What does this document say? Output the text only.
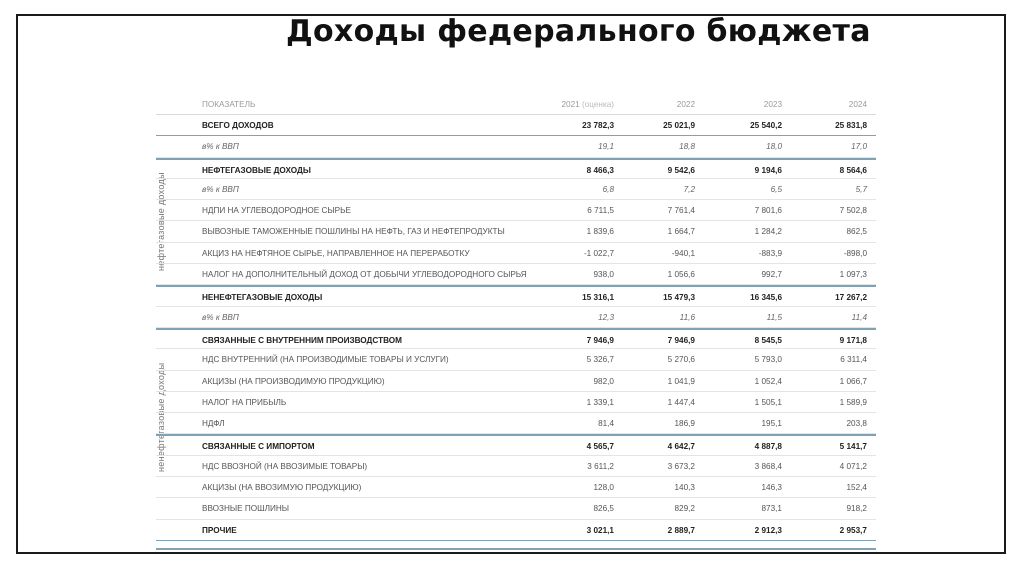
Доходы федерального бюджета
нефтегазовые доходы
ненефтегазовые доходы
ПОКАЗАТЕЛЬ	2021 (оценка)	2022	2023	2024
ВСЕГО ДОХОДОВ	23 782,3	25 021,9	25 540,2	25 831,8
в% к ВВП	19,1	18,8	18,0	17,0
НЕФТЕГАЗОВЫЕ ДОХОДЫ	8 466,3	9 542,6	9 194,6	8 564,6
в% к ВВП	6,8	7,2	6,5	5,7
НДПИ НА УГЛЕВОДОРОДНОЕ СЫРЬЕ	6 711,5	7 761,4	7 801,6	7 502,8
ВЫВОЗНЫЕ ТАМОЖЕННЫЕ ПОШЛИНЫ НА НЕФТЬ, ГАЗ И НЕФТЕПРОДУКТЫ	1 839,6	1 664,7	1 284,2	862,5
АКЦИЗ НА НЕФТЯНОЕ СЫРЬЕ, НАПРАВЛЕННОЕ НА ПЕРЕРАБОТКУ	-1 022,7	-940,1	-883,9	-898,0
НАЛОГ НА ДОПОЛНИТЕЛЬНЫЙ ДОХОД ОТ ДОБЫЧИ УГЛЕВОДОРОДНОГО СЫРЬЯ	938,0	1 056,6	992,7	1 097,3
НЕНЕФТЕГАЗОВЫЕ ДОХОДЫ	15 316,1	15 479,3	16 345,6	17 267,2
в% к ВВП	12,3	11,6	11,5	11,4
СВЯЗАННЫЕ С ВНУТРЕННИМ ПРОИЗВОДСТВОМ	7 946,9	7 946,9	8 545,5	9 171,8
НДС ВНУТРЕННИЙ (НА ПРОИЗВОДИМЫЕ ТОВАРЫ И УСЛУГИ)	5 326,7	5 270,6	5 793,0	6 311,4
АКЦИЗЫ (НА ПРОИЗВОДИМУЮ ПРОДУКЦИЮ)	982,0	1 041,9	1 052,4	1 066,7
НАЛОГ НА ПРИБЫЛЬ	1 339,1	1 447,4	1 505,1	1 589,9
НДФЛ	81,4	186,9	195,1	203,8
СВЯЗАННЫЕ С ИМПОРТОМ	4 565,7	4 642,7	4 887,8	5 141,7
НДС ВВОЗНОЙ (НА ВВОЗИМЫЕ ТОВАРЫ)	3 611,2	3 673,2	3 868,4	4 071,2
АКЦИЗЫ (НА ВВОЗИМУЮ ПРОДУКЦИЮ)	128,0	140,3	146,3	152,4
ВВОЗНЫЕ ПОШЛИНЫ	826,5	829,2	873,1	918,2
ПРОЧИЕ	3 021,1	2 889,7	2 912,3	2 953,7
